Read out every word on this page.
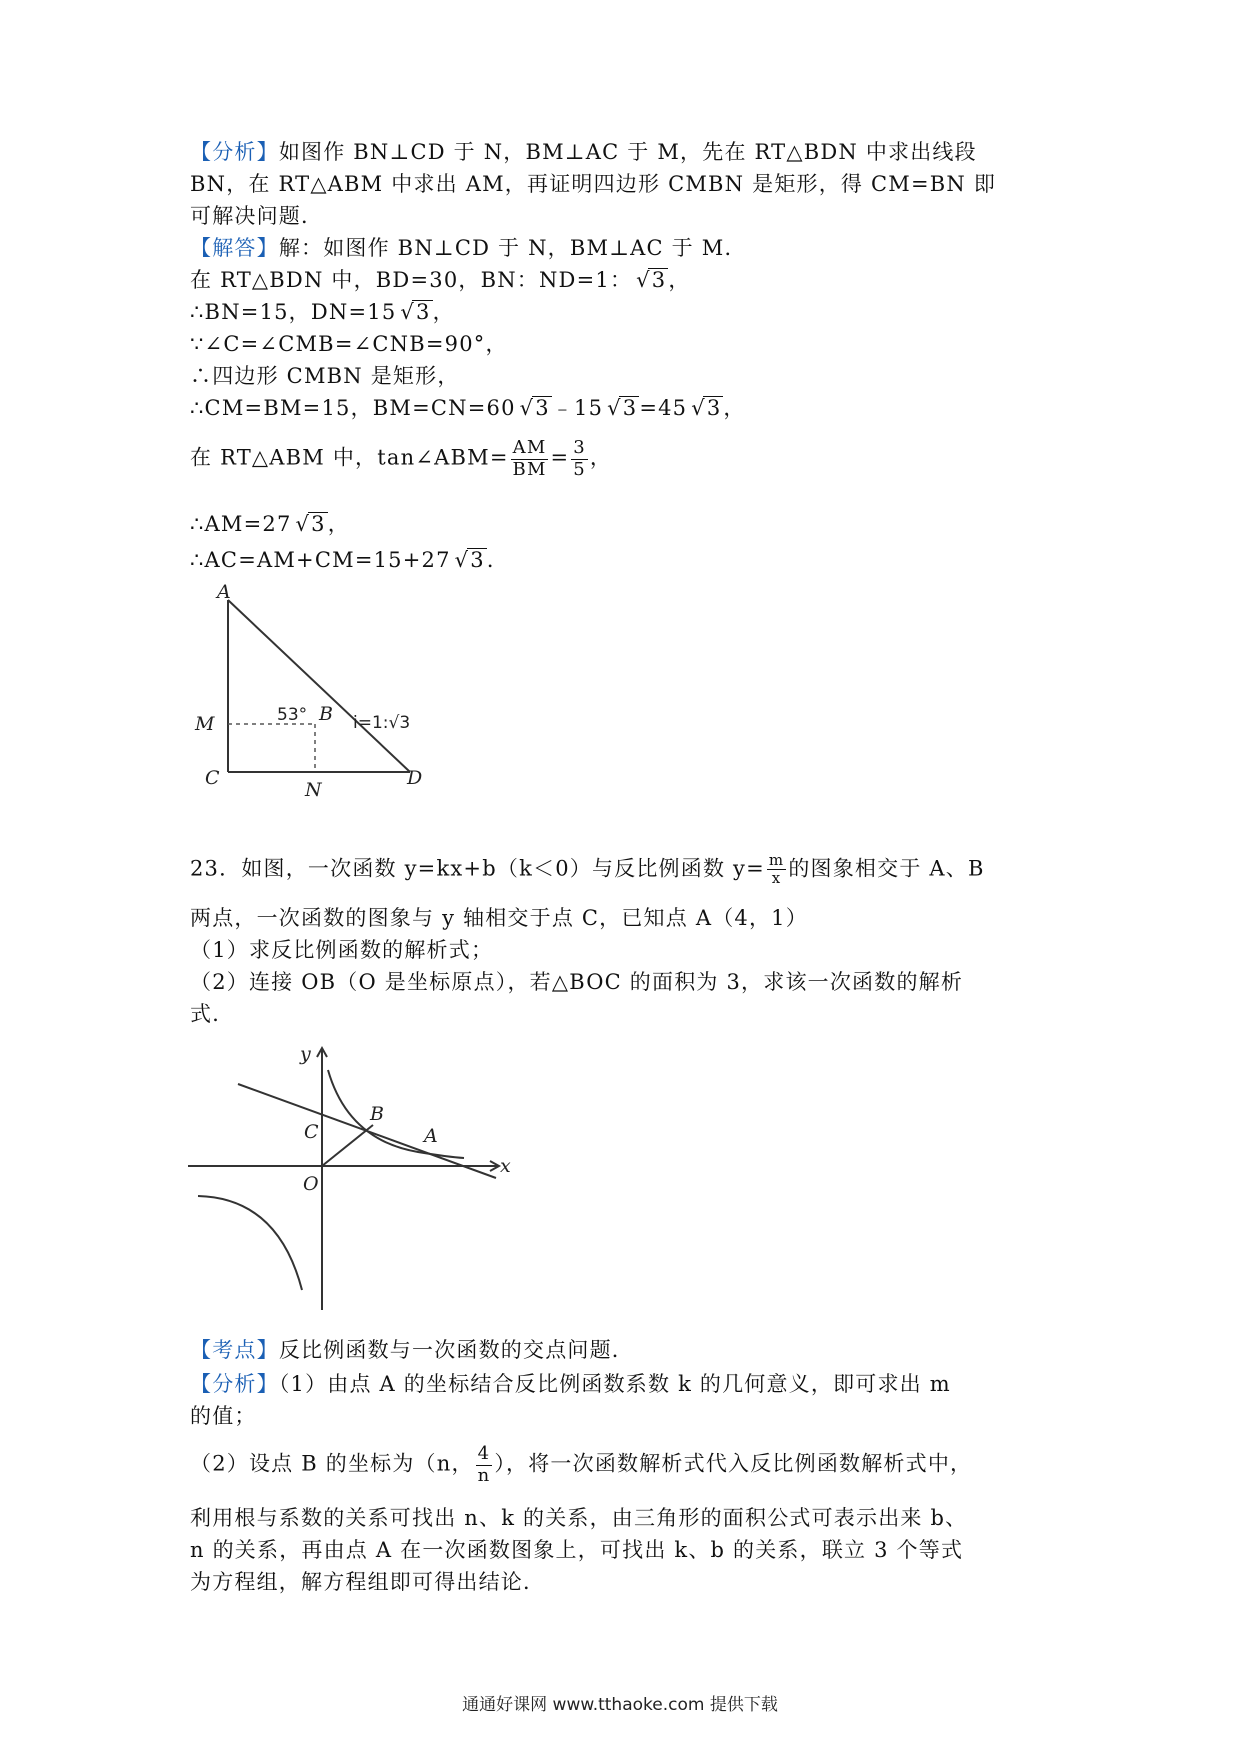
【分析】如图作 BN⊥CD 于 N，BM⊥AC 于 M，先在 RT△BDN 中求出线段
BN，在 RT△ABM 中求出 AM，再证明四边形 CMBN 是矩形，得 CM=BN 即
可解决问题．
【解答】解：如图作 BN⊥CD 于 N，BM⊥AC 于 M．
在 RT△BDN 中，BD=30，BN：ND=1： √ 3，
∴BN=15，DN=15 √ 3，
∵∠C=∠CMB=∠CNB=90°，
∴四边形 CMBN 是矩形，
∴CM=BM=15，BM=CN=60 √ 3﹣15 √ 3=45 √ 3，
在 RT△ABM 中，tan∠ABM= $\frac{AM}{BM} = \frac{3}{5}$ ，
∴AM=27 √ 3，
∴AC=AM+CM=15+27 √ 3．
A
M
C
N
D
B
53°	i=1:√3
23．如图，一次函数 y=kx+b（k＜0）与反比例函数 $y= \frac{m}{x}$ 的图象相交于 A、B
两点，一次函数的图象与 y 轴相交于点 C，已知点 A（4，1）
（1）求反比例函数的解析式；
（2）连接 OB（O 是坐标原点），若△BOC 的面积为 3，求该一次函数的解析
式．
y
x
C
B
A
O
【考点】反比例函数与一次函数的交点问题．
【分析】（1）由点 A 的坐标结合反比例函数系数 k 的几何意义，即可求出 m
的值；
（2）设点 B 的坐标为（n， $\frac{4}{n}$ ），将一次函数解析式代入反比例函数解析式中，
利用根与系数的关系可找出 n、k 的关系，由三角形的面积公式可表示出来 b、
n 的关系，再由点 A 在一次函数图象上，可找出 k、b 的关系，联立 3 个等式
为方程组，解方程组即可得出结论．
通通好课网 www.tthaoke.com 提供下载
